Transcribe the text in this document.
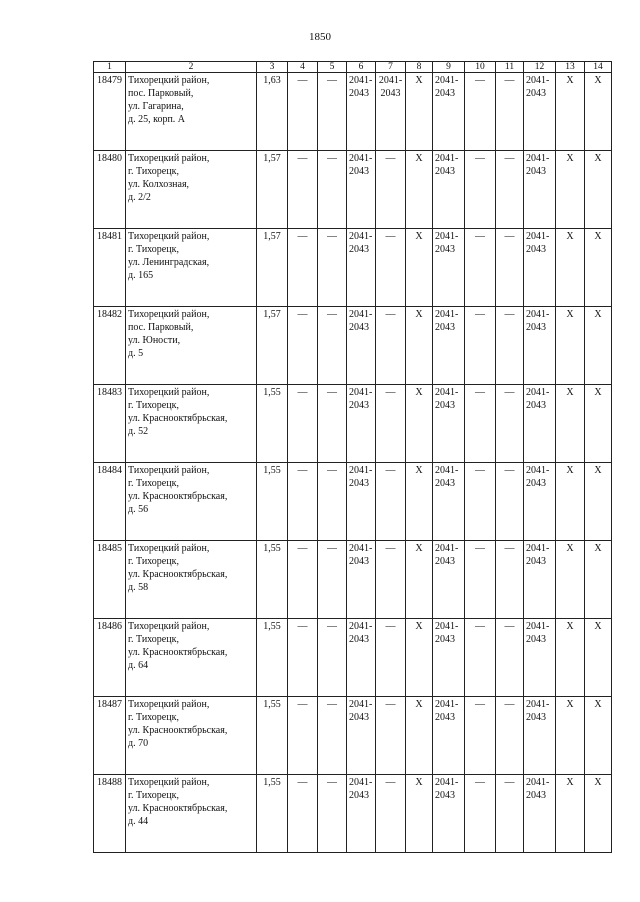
1850
1	2	3	4	5	6	7	8	9	10	11	12	13	14
18479	Тихорецкий район,
пос. Парковый,
ул. Гагарина,
д. 25, корп. А	1,63	—	—	2041-
2043	2041-
2043	X	2041-
2043	—	—	2041-
2043	X	X
18480	Тихорецкий район,
г. Тихорецк,
ул. Колхозная,
д. 2/2	1,57	—	—	2041-
2043	—	X	2041-
2043	—	—	2041-
2043	X	X
18481	Тихорецкий район,
г. Тихорецк,
ул. Ленинградская,
д. 165	1,57	—	—	2041-
2043	—	X	2041-
2043	—	—	2041-
2043	X	X
18482	Тихорецкий район,
пос. Парковый,
ул. Юности,
д. 5	1,57	—	—	2041-
2043	—	X	2041-
2043	—	—	2041-
2043	X	X
18483	Тихорецкий район,
г. Тихорецк,
ул. Краснооктябрьская,
д. 52	1,55	—	—	2041-
2043	—	X	2041-
2043	—	—	2041-
2043	X	X
18484	Тихорецкий район,
г. Тихорецк,
ул. Краснооктябрьская,
д. 56	1,55	—	—	2041-
2043	—	X	2041-
2043	—	—	2041-
2043	X	X
18485	Тихорецкий район,
г. Тихорецк,
ул. Краснооктябрьская,
д. 58	1,55	—	—	2041-
2043	—	X	2041-
2043	—	—	2041-
2043	X	X
18486	Тихорецкий район,
г. Тихорецк,
ул. Краснооктябрьская,
д. 64	1,55	—	—	2041-
2043	—	X	2041-
2043	—	—	2041-
2043	X	X
18487	Тихорецкий район,
г. Тихорецк,
ул. Краснооктябрьская,
д. 70	1,55	—	—	2041-
2043	—	X	2041-
2043	—	—	2041-
2043	X	X
18488	Тихорецкий район,
г. Тихорецк,
ул. Краснооктябрьская,
д. 44	1,55	—	—	2041-
2043	—	X	2041-
2043	—	—	2041-
2043	X	X
